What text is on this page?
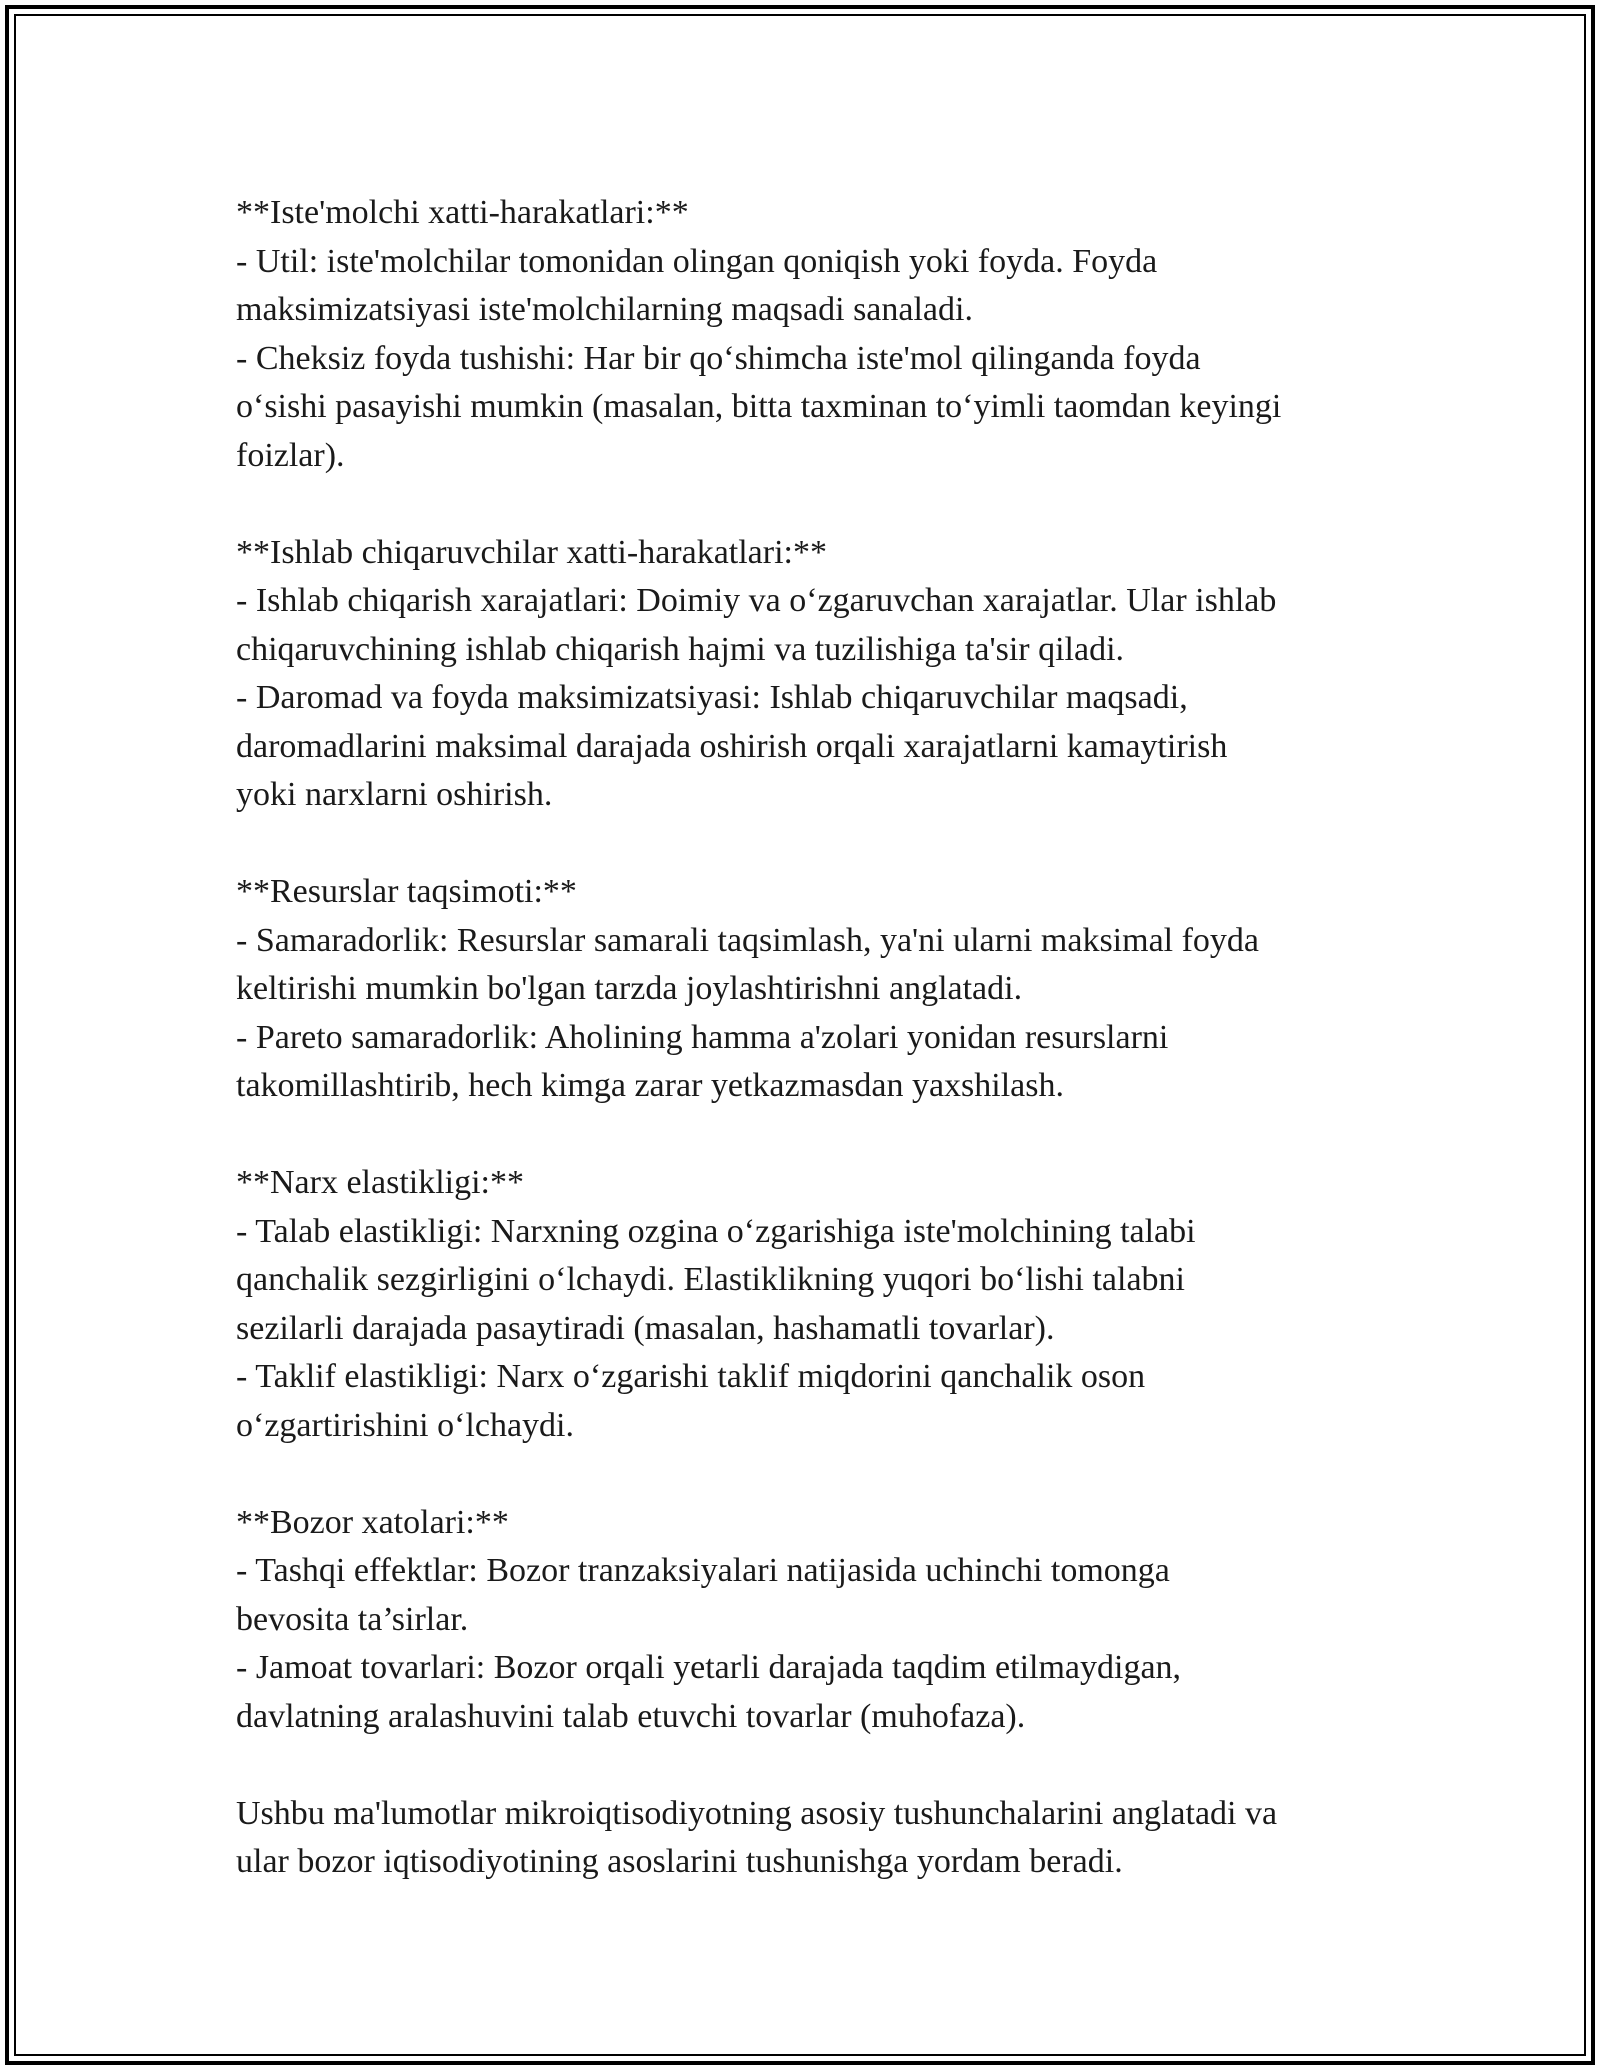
**Iste'molchi xatti-harakatlari:**
- Util: iste'molchilar tomonidan olingan qoniqish yoki foyda. Foyda
maksimizatsiyasi iste'molchilarning maqsadi sanaladi.
- Cheksiz foyda tushishi: Har bir qo‘shimcha iste'mol qilinganda foyda
o‘sishi pasayishi mumkin (masalan, bitta taxminan to‘yimli taomdan keyingi
foizlar).
**Ishlab chiqaruvchilar xatti-harakatlari:**
- Ishlab chiqarish xarajatlari: Doimiy va o‘zgaruvchan xarajatlar. Ular ishlab
chiqaruvchining ishlab chiqarish hajmi va tuzilishiga ta'sir qiladi.
- Daromad va foyda maksimizatsiyasi: Ishlab chiqaruvchilar maqsadi,
daromadlarini maksimal darajada oshirish orqali xarajatlarni kamaytirish
yoki narxlarni oshirish.
**Resurslar taqsimoti:**
- Samaradorlik: Resurslar samarali taqsimlash, ya'ni ularni maksimal foyda
keltirishi mumkin bo'lgan tarzda joylashtirishni anglatadi.
- Pareto samaradorlik: Aholining hamma a'zolari yonidan resurslarni
takomillashtirib, hech kimga zarar yetkazmasdan yaxshilash.
**Narx elastikligi:**
- Talab elastikligi: Narxning ozgina o‘zgarishiga iste'molchining talabi
qanchalik sezgirligini o‘lchaydi. Elastiklikning yuqori bo‘lishi talabni
sezilarli darajada pasaytiradi (masalan, hashamatli tovarlar).
- Taklif elastikligi: Narx o‘zgarishi taklif miqdorini qanchalik oson
o‘zgartirishini o‘lchaydi.
**Bozor xatolari:**
- Tashqi effektlar: Bozor tranzaksiyalari natijasida uchinchi tomonga
bevosita ta’sirlar.
- Jamoat tovarlari: Bozor orqali yetarli darajada taqdim etilmaydigan,
davlatning aralashuvini talab etuvchi tovarlar (muhofaza).
Ushbu ma'lumotlar mikroiqtisodiyotning asosiy tushunchalarini anglatadi va
ular bozor iqtisodiyotining asoslarini tushunishga yordam beradi.
